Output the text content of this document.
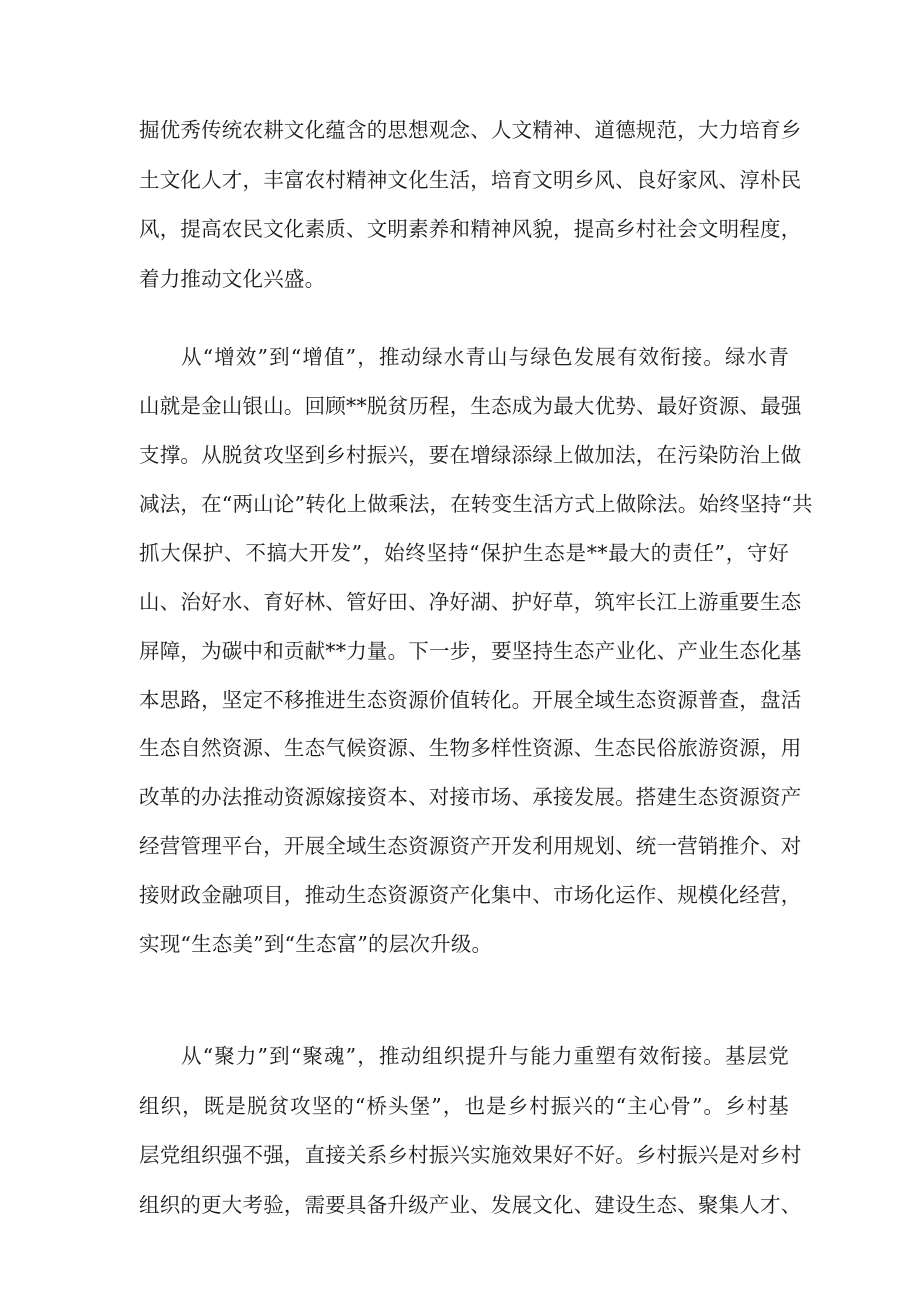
掘优秀传统农耕文化蕴含的思想观念、人文精神、道德规范，大力培育乡
土文化人才，丰富农村精神文化生活，培育文明乡风、良好家风、淳朴民
风，提高农民文化素质、文明素养和精神风貌，提高乡村社会文明程度，
着力推动文化兴盛。
从“增效”到“增值”，推动绿水青山与绿色发展有效衔接。绿水青
山就是金山银山。回顾**脱贫历程，生态成为最大优势、最好资源、最强
支撑。从脱贫攻坚到乡村振兴，要在增绿添绿上做加法，在污染防治上做
减法，在“两山论”转化上做乘法，在转变生活方式上做除法。始终坚持“共
抓大保护、不搞大开发”，始终坚持“保护生态是**最大的责任”，守好
山、治好水、育好林、管好田、净好湖、护好草，筑牢长江上游重要生态
屏障，为碳中和贡献**力量。下一步，要坚持生态产业化、产业生态化基
本思路，坚定不移推进生态资源价值转化。开展全域生态资源普查，盘活
生态自然资源、生态气候资源、生物多样性资源、生态民俗旅游资源，用
改革的办法推动资源嫁接资本、对接市场、承接发展。搭建生态资源资产
经营管理平台，开展全域生态资源资产开发利用规划、统一营销推介、对
接财政金融项目，推动生态资源资产化集中、市场化运作、规模化经营，
实现“生态美”到“生态富”的层次升级。
从“聚力”到“聚魂”，推动组织提升与能力重塑有效衔接。基层党
组织，既是脱贫攻坚的“桥头堡”，也是乡村振兴的“主心骨”。乡村基
层党组织强不强，直接关系乡村振兴实施效果好不好。乡村振兴是对乡村
组织的更大考验，需要具备升级产业、发展文化、建设生态、聚集人才、
